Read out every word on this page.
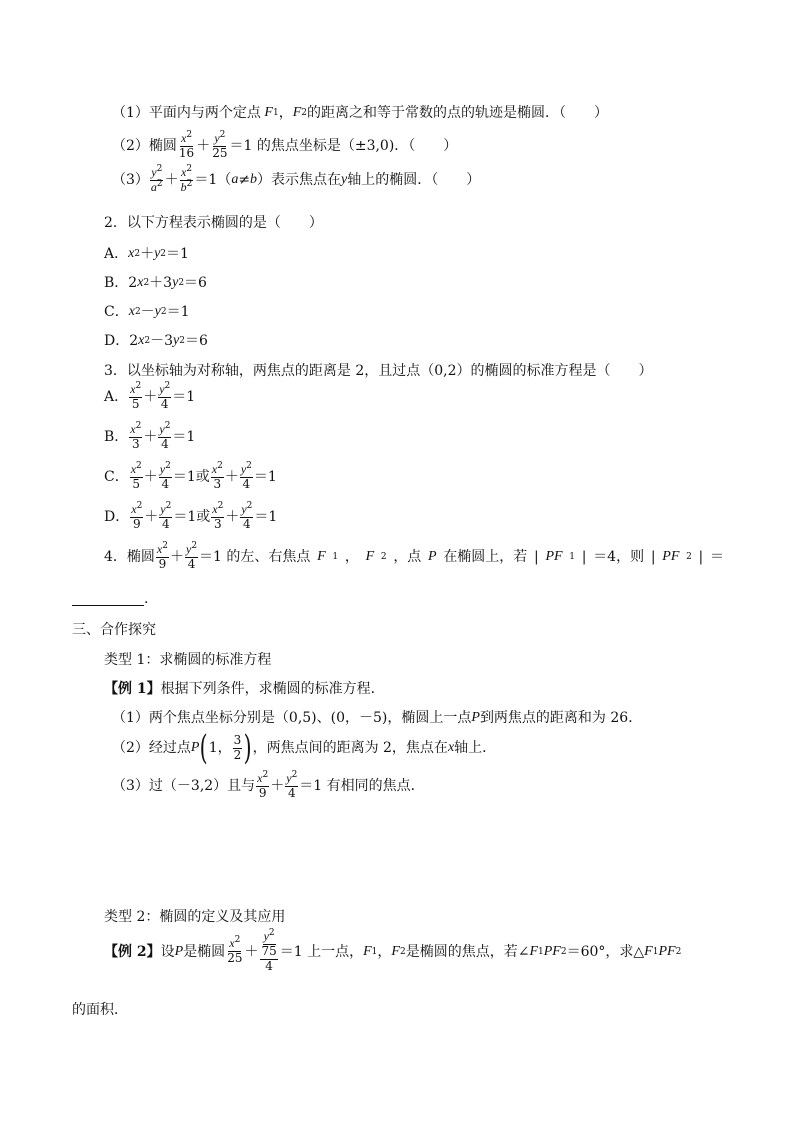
（1）平面内与两个定点 F 1 ， F 2 的距离之和等于常数的点的轨迹是椭圆．（　　）
（2）椭圆
$x^2$
16 ＋
$y^2$
25 ＝1 的焦点坐标是（±3,0)．（　　）
（3）
$y^2$
$a^2$ ＋
$x^2$
$b^2 =1$（ a ≠ b ）表示焦点在 y 轴上的椭圆．（　　）
2．以下方程表示椭圆的是（　　）
A． x 2 ＋ y 2 ＝1
B． 2 x 2 ＋3 y 2 ＝6
C． x 2 － y 2 ＝1
D． 2 x 2 －3 y 2 ＝6
3．以坐标轴为对称轴，两焦点的距离是 2，且过点（0,2）的椭圆的标准方程是（　　）
A．
$x^2$
5 ＋
$y^2$
4 ＝1
B．
$x^2$
3 ＋
$y^2$
4 ＝1
C．
$x^2$
5 ＋
$y^2$
4 ＝1 或
$x^2$
3 ＋
$y^2$
4 ＝1
D．
$x^2$
9 ＋
$y^2$
4 ＝1 或
$x^2$
3 ＋
$y^2$
4 ＝1
4．椭圆
$x^2$
9 ＋
$y^2$
4 ＝1 的左、右焦点 F 1 ， F 2 ，点 P 在椭圆上，若 | PF 1 | ＝4，则 | PF 2 | ＝
.
三、合作探究
类型 1：求椭圆的标准方程
【例 1】 根据下列条件，求椭圆的标准方程．
（1）两个焦点坐标分别是（0,5)、(0，－5)，椭圆上一点 P 到两焦点的距离和为 26．
（2）经过点 P ( 1，
3
2 ) ，两焦点间的距离为 2，焦点在 x 轴上．
（3）过（－3,2）且与
$x^2$
9 ＋
$y^2$
4 ＝1 有相同的焦点．
类型 2：椭圆的定义及其应用
【例 2】 设 P 是椭圆
$x^2$
25 ＋
$y^2$
$\frac{75}{4} =1$ 上一点， F 1 ， F 2 是椭圆的焦点，若∠ F 1 PF 2 ＝60°，求△ F 1 PF 2
的面积．
